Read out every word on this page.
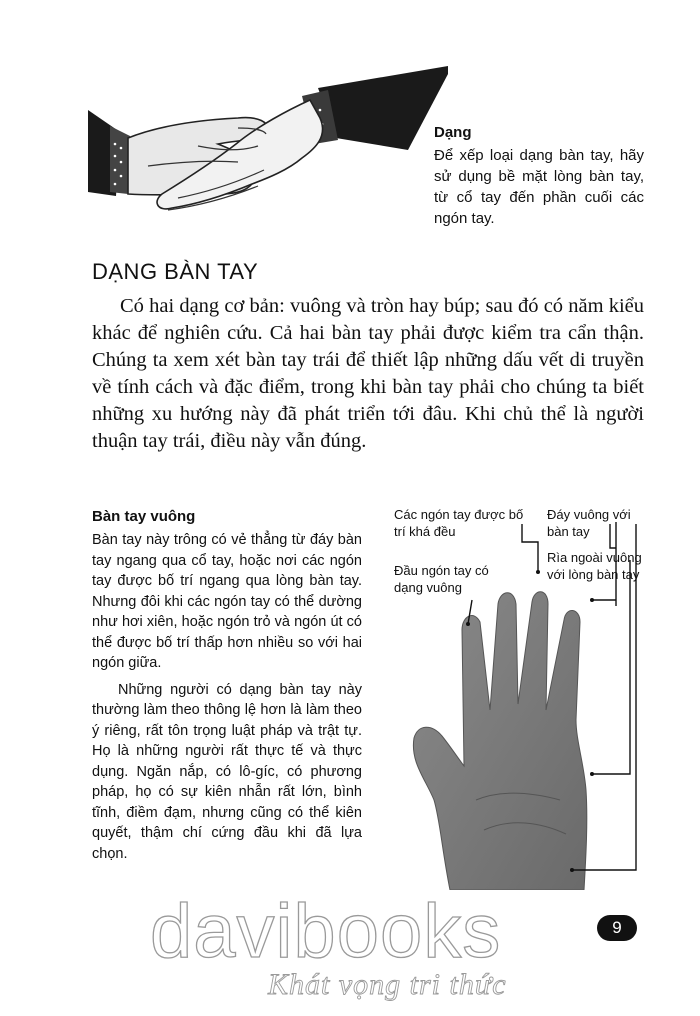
Dạng
Để xếp loại dạng bàn tay, hãy sử dụng bề mặt lòng bàn tay, từ cổ tay đến phần cuối các ngón tay.
DẠNG BÀN TAY
Có hai dạng cơ bản: vuông và tròn hay búp; sau đó có năm kiểu khác để nghiên cứu. Cả hai bàn tay phải được kiểm tra cẩn thận. Chúng ta xem xét bàn tay trái để thiết lập những dấu vết di truyền về tính cách và đặc điểm, trong khi bàn tay phải cho chúng ta biết những xu hướng này đã phát triển tới đâu. Khi chủ thể là người thuận tay trái, điều này vẫn đúng.
Bàn tay vuông

Bàn tay này trông có vẻ thẳng từ đáy bàn tay ngang qua cổ tay, hoặc nơi các ngón tay được bố trí ngang qua lòng bàn tay. Nhưng đôi khi các ngón tay có thể dường như hơi xiên, hoặc ngón trỏ và ngón út có thể được bố trí thấp hơn nhiều so với hai ngón giữa.

Những người có dạng bàn tay này thường làm theo thông lệ hơn là làm theo ý riêng, rất tôn trọng luật pháp và trật tự. Họ là những người rất thực tế và thực dụng. Ngăn nắp, có lô-gíc, có phương pháp, họ có sự kiên nhẫn rất lớn, bình tĩnh, điềm đạm, nhưng cũng có thể kiên quyết, thậm chí cứng đầu khi đã lựa chọn.

Các ngón tay được bố trí khá đều
Đáy vuông với bàn tay
Đầu ngón tay có dạng vuông
Rìa ngoài vuông với lòng bàn tay
davibooks
Khát vọng tri thức
9
